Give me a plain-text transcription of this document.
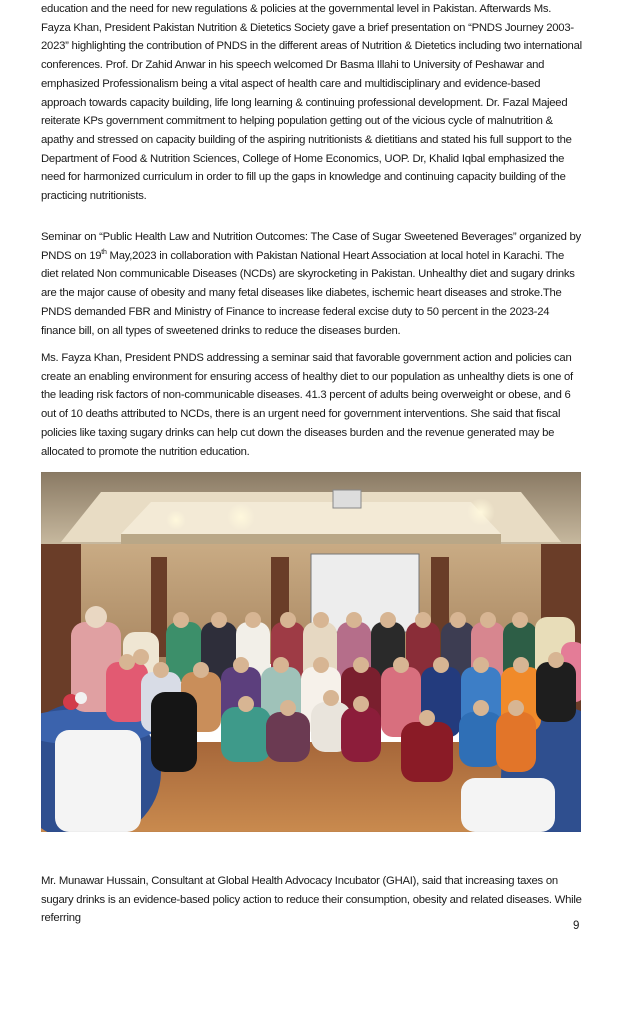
education and the need for new regulations & policies at the governmental level in Pakistan. Afterwards Ms. Fayza Khan, President Pakistan Nutrition & Dietetics Society gave a brief presentation on “PNDS Journey 2003-2023” highlighting the contribution of PNDS in the different areas of Nutrition & Dietetics including two international conferences. Prof. Dr Zahid Anwar in his speech welcomed Dr Basma Illahi to University of Peshawar and emphasized Professionalism being a vital aspect of health care and multidisciplinary and evidence-based approach towards capacity building, life long learning & continuing professional development. Dr. Fazal Majeed reiterate KPs government commitment to helping population getting out of the vicious cycle of malnutrition & apathy and stressed on capacity building of the aspiring nutritionists & dietitians and stated his full support to the Department of Food & Nutrition Sciences, College of Home Economics, UOP. Dr, Khalid Iqbal emphasized the need for harmonized curriculum in order to fill up the gaps in knowledge and continuing capacity building of the practicing nutritionists.

Seminar on “Public Health Law and Nutrition Outcomes: The Case of Sugar Sweetened Beverages” organized by PNDS on 19th May,2023 in collaboration with Pakistan National Heart Association at local hotel in Karachi. The diet related Non communicable Diseases (NCDs) are skyrocketing in Pakistan. Unhealthy diet and sugary drinks are the major cause of obesity and many fetal diseases like diabetes, ischemic heart diseases and stroke.The PNDS demanded FBR and Ministry of Finance to increase federal excise duty to 50 percent in the 2023-24 finance bill, on all types of sweetened drinks to reduce the diseases burden.

Ms. Fayza Khan, President PNDS addressing a seminar said that favorable government action and policies can create an enabling environment for ensuring access of healthy diet to our population as unhealthy diets is one of the leading risk factors of non-communicable diseases. 41.3 percent of adults being overweight or obese, and 6 out of 10 deaths attributed to NCDs, there is an urgent need for government interventions. She said that fiscal policies like taxing sugary drinks can help cut down the diseases burden and the revenue generated may be allocated to promote the nutrition education.

Mr. Munawar Hussain, Consultant at Global Health Advocacy Incubator (GHAI), said that increasing taxes on sugary drinks is an evidence-based policy action to reduce their consumption, obesity and related diseases. While referring

9
